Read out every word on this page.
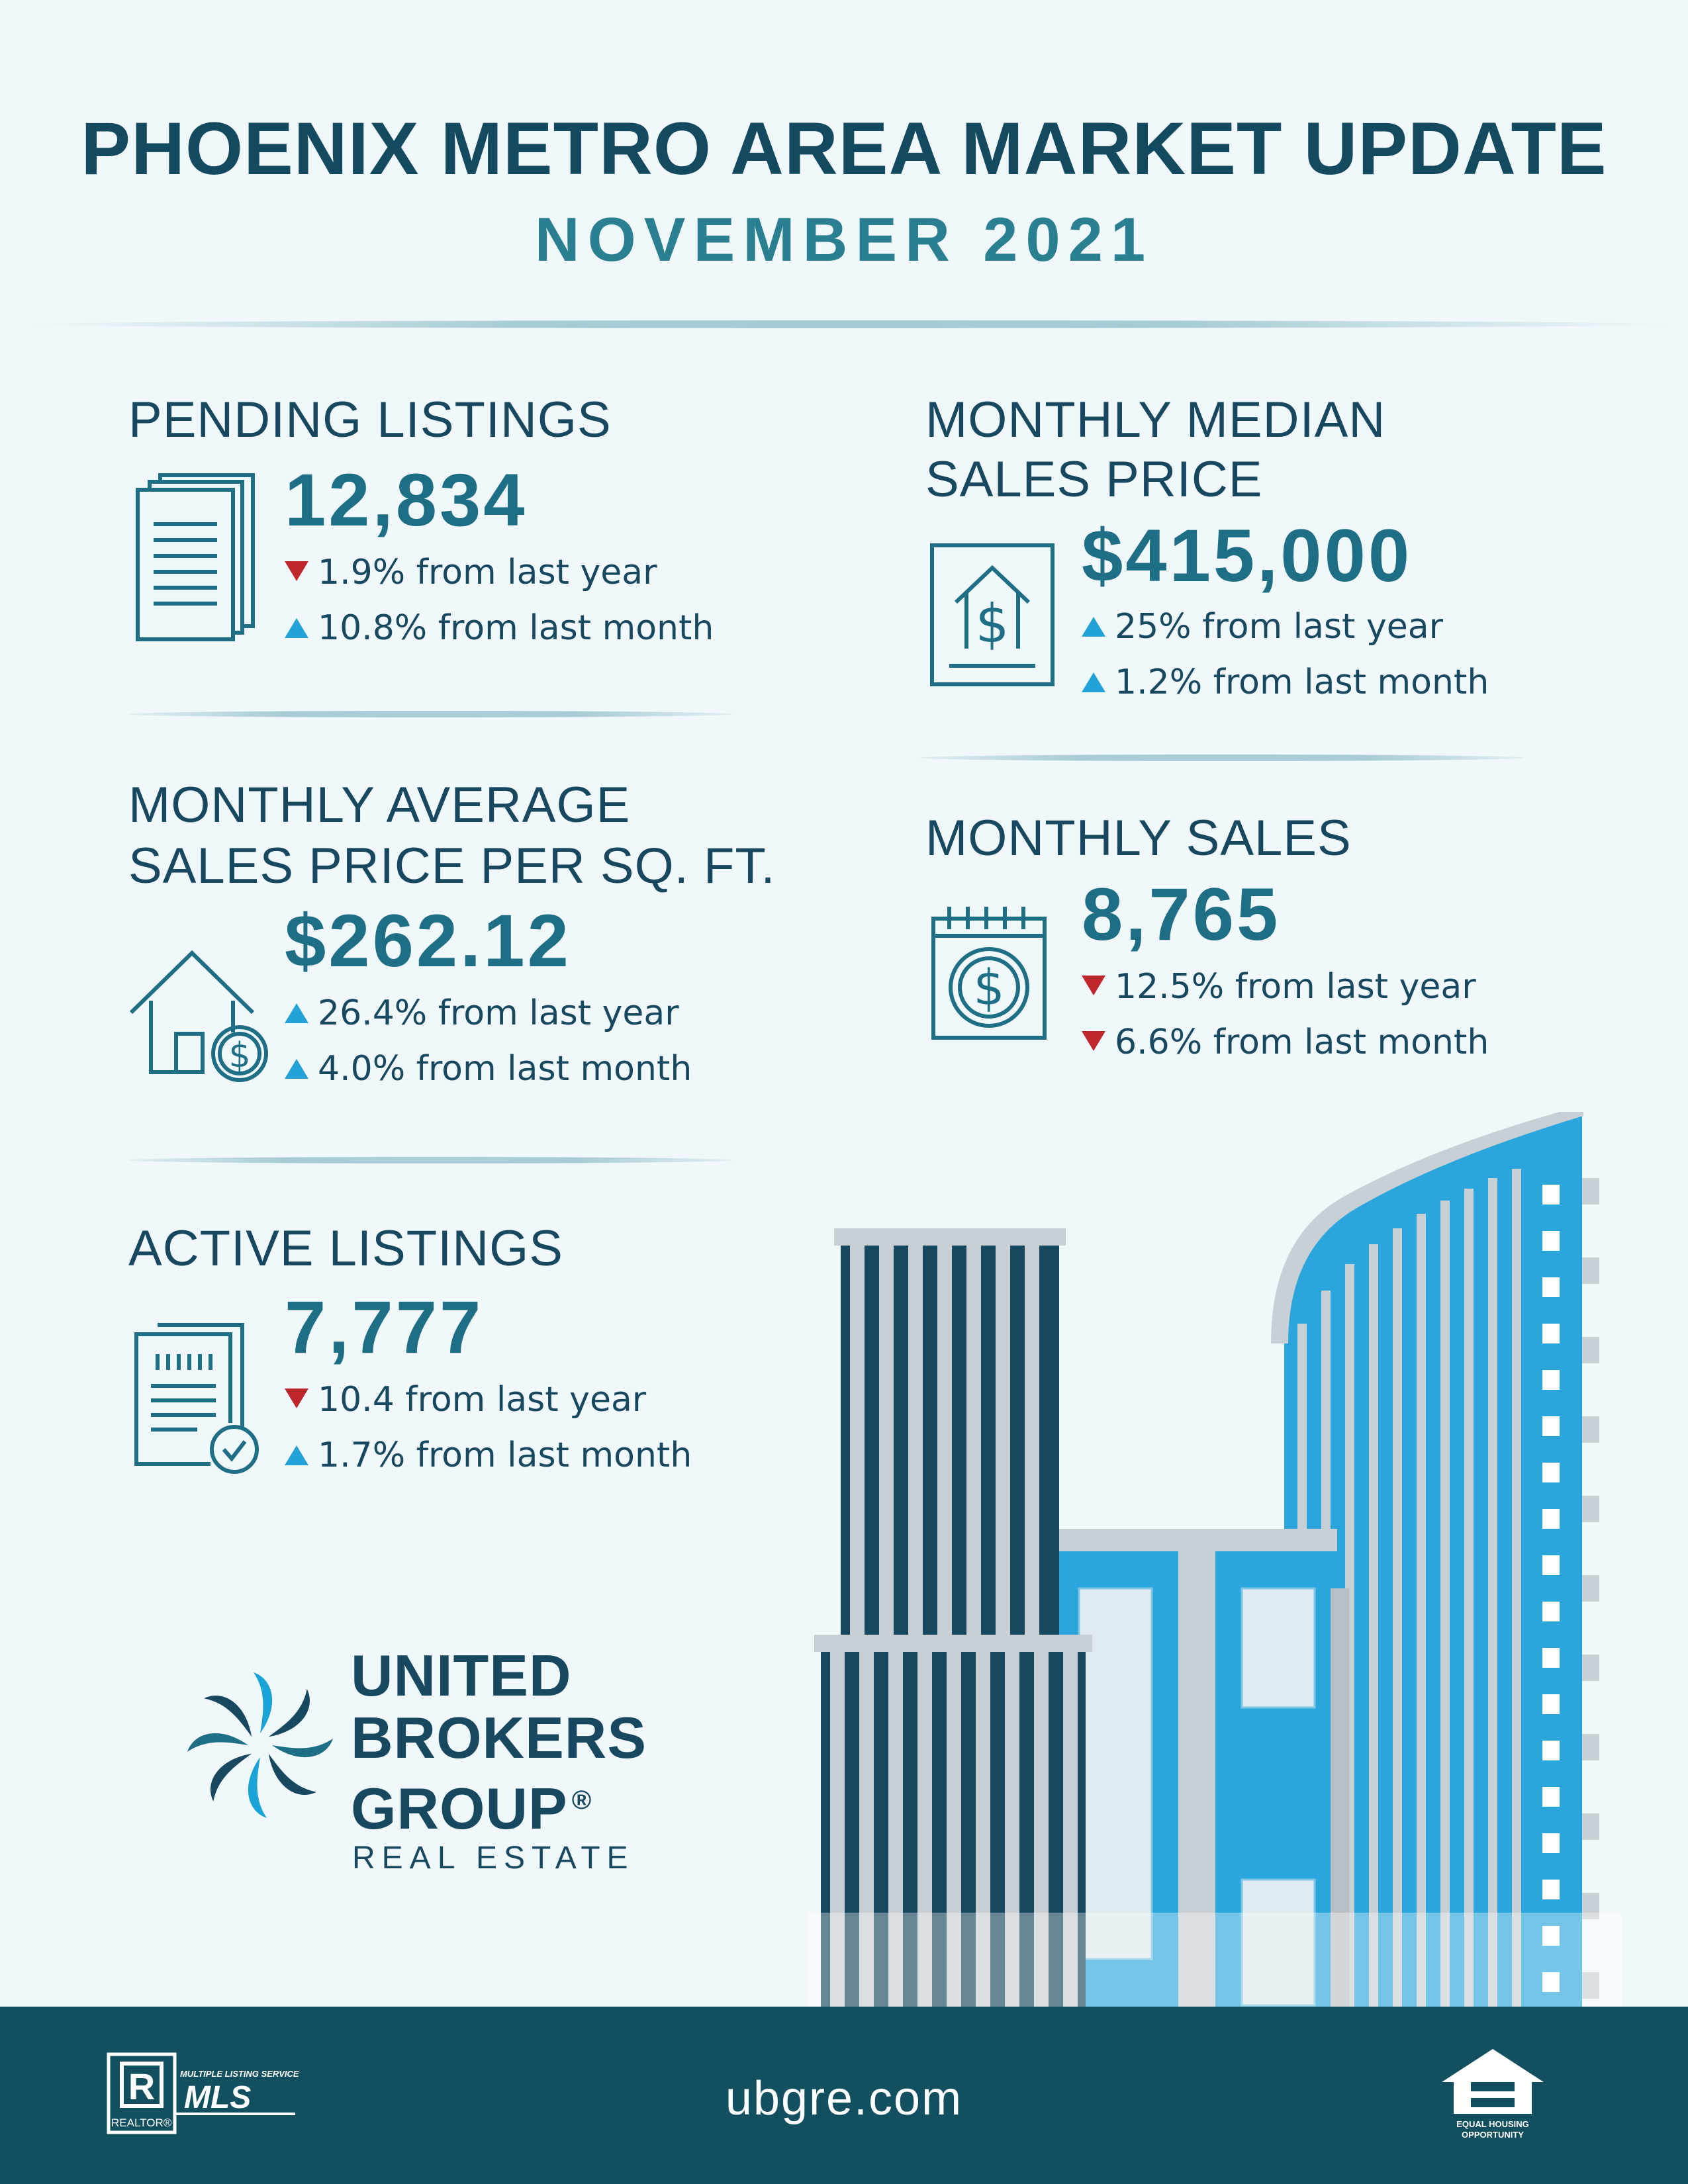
PHOENIX METRO AREA MARKET UPDATE
NOVEMBER 2021
PENDING LISTINGS
12,834
1.9% from last year
10.8% from last month
MONTHLY MEDIAN
SALES PRICE
$
$415,000
25% from last year
1.2% from last month
MONTHLY AVERAGE
SALES PRICE PER SQ. FT.
$
$262.12
26.4% from last year
4.0% from last month
MONTHLY SALES
$
8,765
12.5% from last year
6.6% from last month
ACTIVE LISTINGS
7,777
10.4 from last year
1.7% from last month
UNITED
BROKERS
GROUP ®
REAL ESTATE
ubgre.com
R
REALTOR®
MULTIPLE LISTING SERVICE
MLS
EQUAL HOUSING
OPPORTUNITY
